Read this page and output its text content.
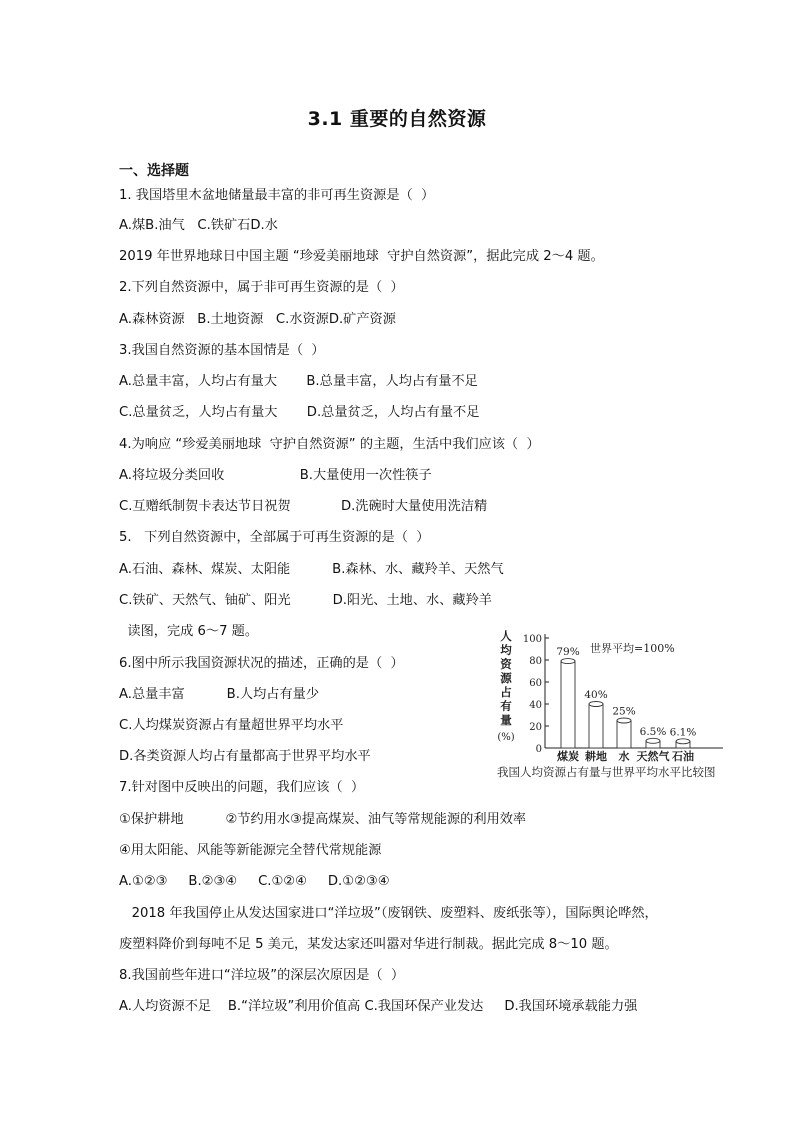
3.1 重要的自然资源
一、选择题
1. 我国塔里木盆地储量最丰富的非可再生资源是（  ）
A.煤B.油气   C.铁矿石D.水
2019 年世界地球日中国主题 “珍爱美丽地球  守护自然资源”，据此完成 2～4 题。
2.下列自然资源中，属于非可再生资源的是（  ）
A.森林资源   B.土地资源   C.水资源D.矿产资源
3.我国自然资源的基本国情是（  ）
A.总量丰富，人均占有量大       B.总量丰富，人均占有量不足
C.总量贫乏，人均占有量大       D.总量贫乏，人均占有量不足
4.为响应 “珍爱美丽地球  守护自然资源” 的主题，生活中我们应该（  ）
A.将垃圾分类回收                  B.大量使用一次性筷子
C.互赠纸制贺卡表达节日祝贺            D.洗碗时大量使用洗洁精
5.   下列自然资源中，全部属于可再生资源的是（  ）
A.石油、森林、煤炭、太阳能          B.森林、水、藏羚羊、天然气
C.铁矿、天然气、铀矿、阳光          D.阳光、土地、水、藏羚羊
读图，完成 6～7 题。
6.图中所示我国资源状况的描述，正确的是（  ）
A.总量丰富          B.人均占有量少
C.人均煤炭资源占有量超世界平均水平
D.各类资源人均占有量都高于世界平均水平
7.针对图中反映出的问题，我们应该（  ）
①保护耕地          ②节约用水③提高煤炭、油气等常规能源的利用效率
④用太阳能、风能等新能源完全替代常规能源
A.①②③     B.②③④     C.①②④     D.①②③④
2018 年我国停止从发达国家进口“洋垃圾”（废钢铁、废塑料、废纸张等），国际舆论哗然，
废塑料降价到每吨不足 5 美元，某发达家还叫嚣对华进行制裁。据此完成 8～10 题。
8.我国前些年进口“洋垃圾”的深层次原因是（  ）
A.人均资源不足    B.“洋垃圾”利用价值高 C.我国环保产业发达     D.我国环境承载能力强
人
均
资
源
占
有
量
(%)
0
20
40
60
80
100
79%
煤炭
40%
耕地
25%
水
6.5%
天然气
6.1%
石油
世界平均=100%
我国人均资源占有量与世界平均水平比较图
